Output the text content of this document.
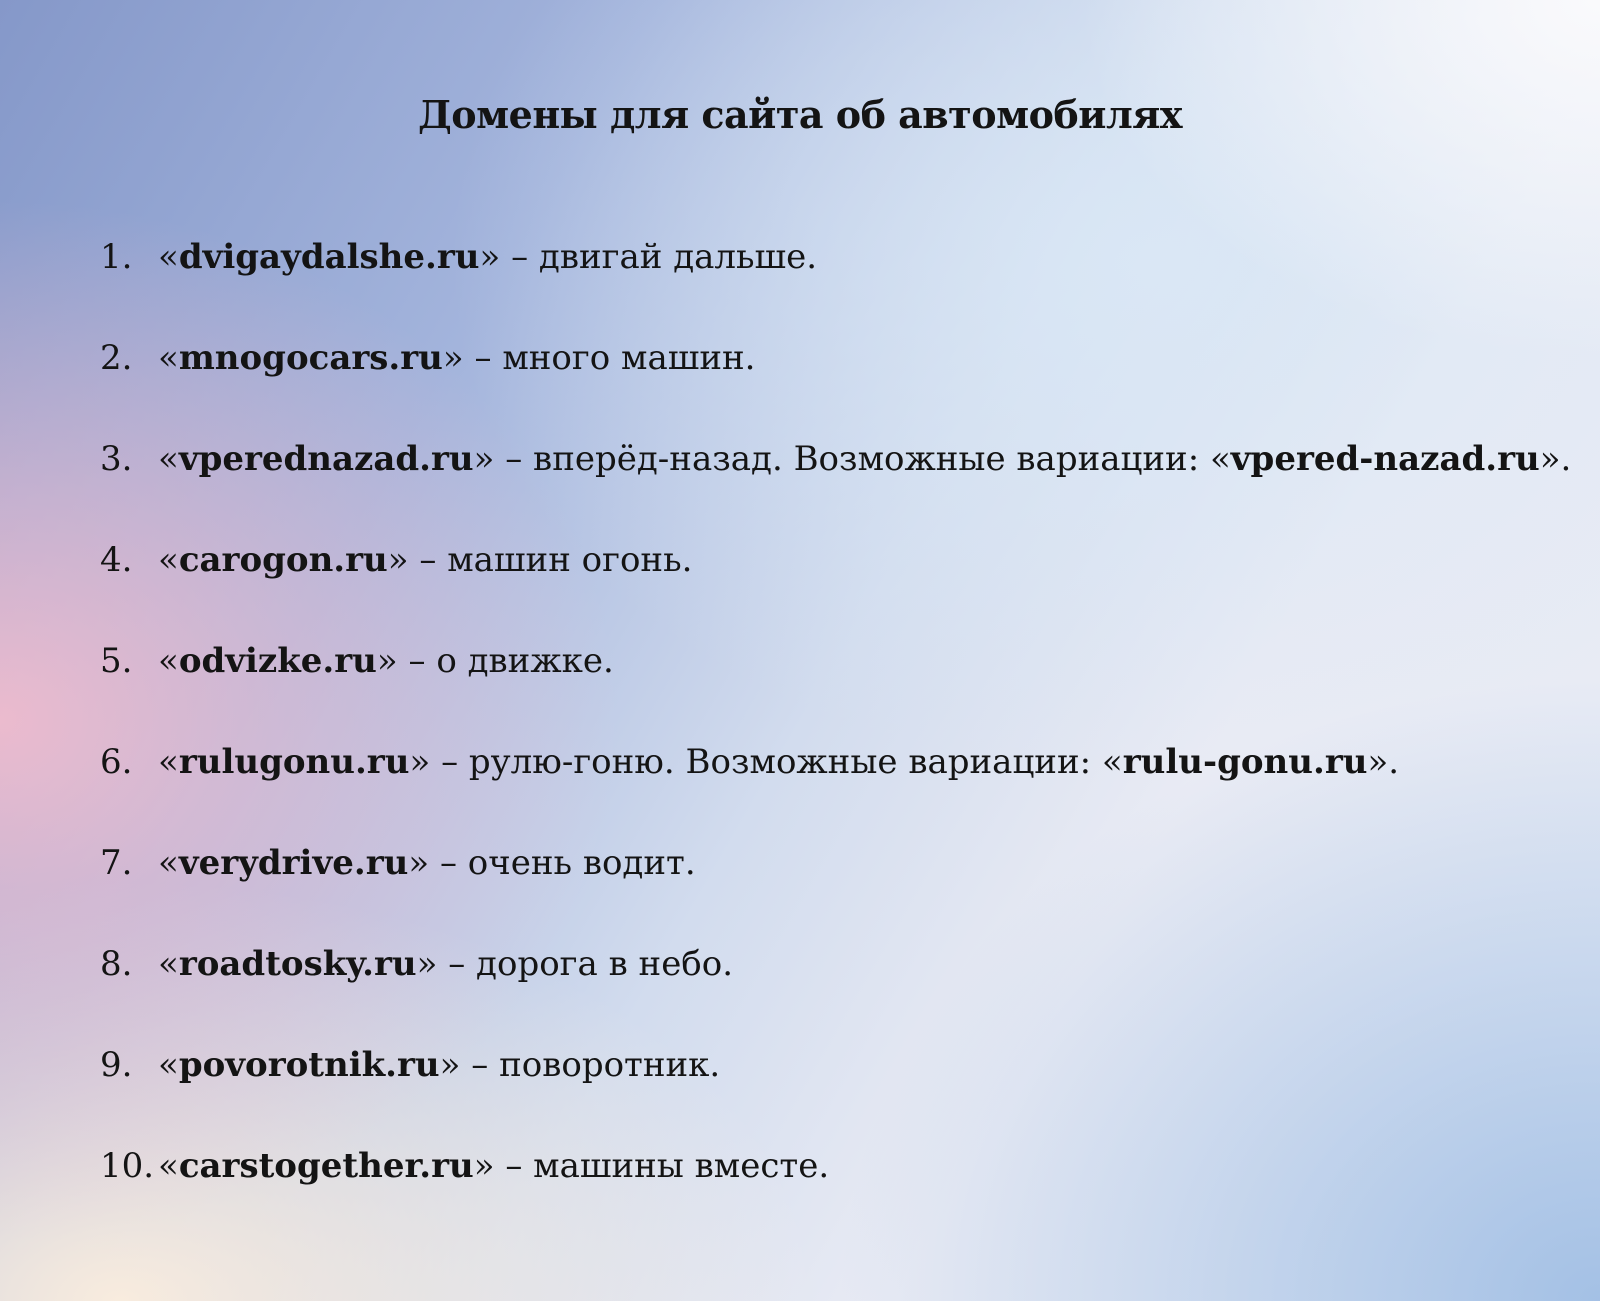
Домены для сайта об автомобилях
1. «dvigaydalshe.ru» – двигай дальше.
2. «mnogocars.ru» – много машин.
3. «vperednazad.ru» – вперёд-назад. Возможные вариации: «vpered-nazad.ru».
4. «carogon.ru» – машин огонь.
5. «odvizke.ru» – о движке.
6. «rulugonu.ru» – рулю-гоню. Возможные вариации: «rulu-gonu.ru».
7. «verydrive.ru» – очень водит.
8. «roadtosky.ru» – дорога в небо.
9. «povorotnik.ru» – поворотник.
10. «carstogether.ru» – машины вместе.
